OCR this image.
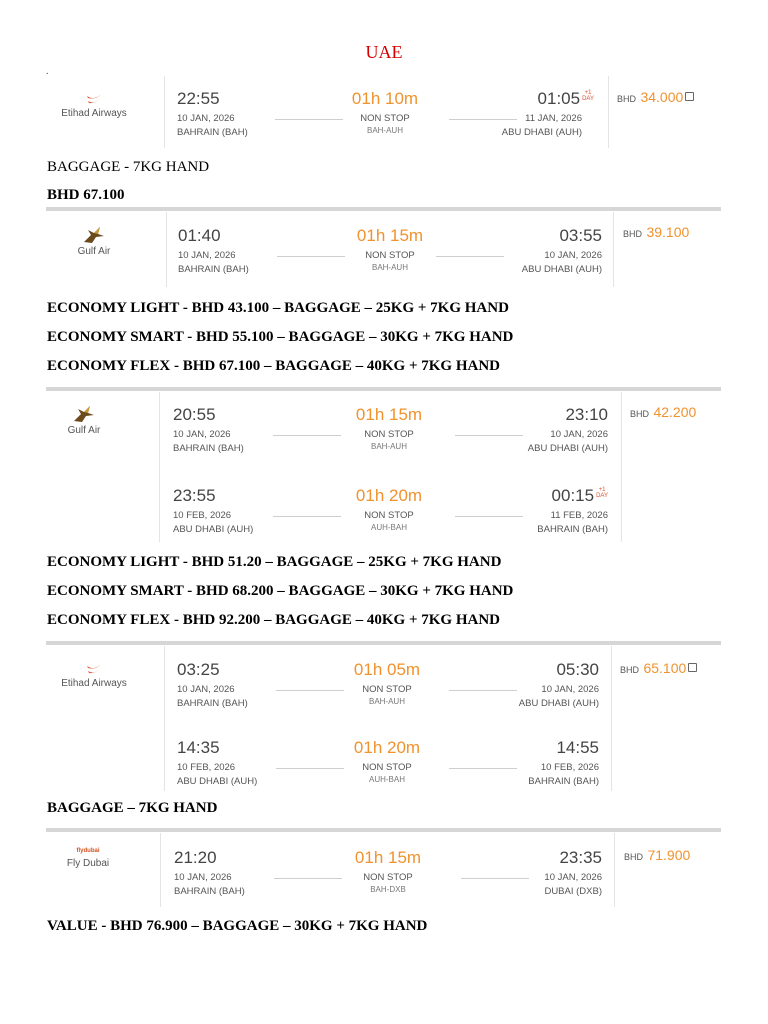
UAE
.
Etihad Airways
22:55
10 JAN, 2026
BAHRAIN (BAH)
01h 10m
NON STOP
BAH-AUH
01:05 +1
DAY
11 JAN, 2026
ABU DHABI (AUH)
BHD 34.000
BAGGAGE - 7KG HAND
BHD 67.100
Gulf Air
01:40
10 JAN, 2026
BAHRAIN (BAH)
01h 15m
NON STOP
BAH-AUH
03:55
10 JAN, 2026
ABU DHABI (AUH)
BHD 39.100
ECONOMY LIGHT - BHD 43.100 – BAGGAGE – 25KG + 7KG HAND
ECONOMY SMART - BHD 55.100 – BAGGAGE – 30KG + 7KG HAND
ECONOMY FLEX - BHD 67.100 – BAGGAGE – 40KG + 7KG HAND
Gulf Air
20:55
10 JAN, 2026
BAHRAIN (BAH)
01h 15m
NON STOP
BAH-AUH
23:10
10 JAN, 2026
ABU DHABI (AUH)
23:55
10 FEB, 2026
ABU DHABI (AUH)
01h 20m
NON STOP
AUH-BAH
00:15 +1
DAY
11 FEB, 2026
BAHRAIN (BAH)
BHD 42.200
ECONOMY LIGHT - BHD 51.20 – BAGGAGE – 25KG + 7KG HAND
ECONOMY SMART - BHD 68.200 – BAGGAGE – 30KG + 7KG HAND
ECONOMY FLEX - BHD 92.200 – BAGGAGE – 40KG + 7KG HAND
Etihad Airways
03:25
10 JAN, 2026
BAHRAIN (BAH)
01h 05m
NON STOP
BAH-AUH
05:30
10 JAN, 2026
ABU DHABI (AUH)
14:35
10 FEB, 2026
ABU DHABI (AUH)
01h 20m
NON STOP
AUH-BAH
14:55
10 FEB, 2026
BAHRAIN (BAH)
BHD 65.100
BAGGAGE – 7KG HAND
flydubai
Fly Dubai	21:20
10 JAN, 2026
BAHRAIN (BAH)
01h 15m
NON STOP
BAH-DXB
23:35
10 JAN, 2026
DUBAI (DXB)
BHD 71.900
VALUE - BHD 76.900 – BAGGAGE – 30KG + 7KG HAND
